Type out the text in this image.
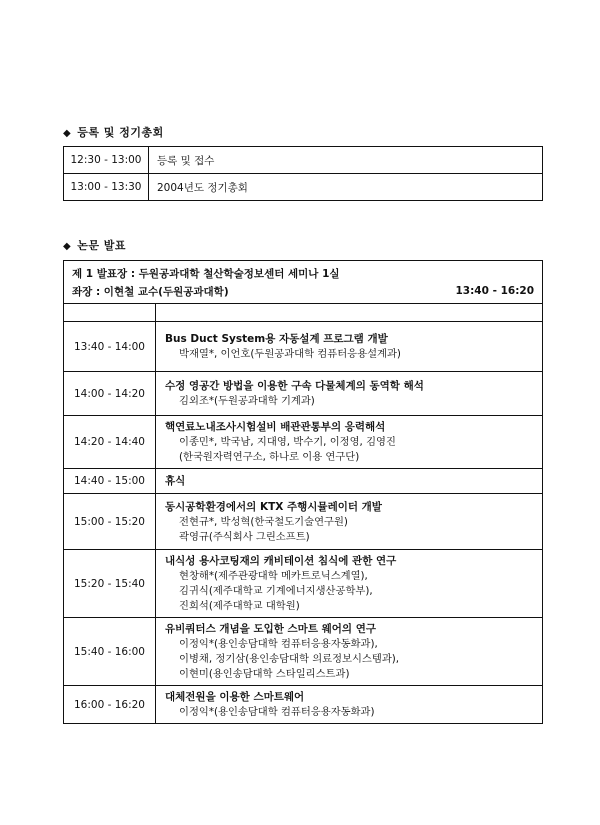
◆ 등록 및 정기총회
12:30 - 13:00	등록 및 접수
13:00 - 13:30	2004년도 정기총회
◆ 논문 발표
제 1 발표장 : 두원공과대학 철산학술정보센터 세미나 1실
좌장 : 이현철 교수(두원공과대학) 13:40 - 16:20	

13:40 - 14:00	Bus Duct System용 자동설계 프로그램 개발
박재열*, 이언호(두원공과대학 컴퓨터응용설계과)

14:00 - 14:20	수정 영공간 방법을 이용한 구속 다물체계의 동역학 해석
김외조*(두원공과대학 기계과)

14:20 - 14:40	핵연료노내조사시험설비 배관관통부의 응력해석
이종민*, 박국남, 지대영, 박수기, 이정영, 김영진
(한국원자력연구소, 하나로 이용 연구단)

14:40 - 15:00	휴식

15:00 - 15:20	동시공학환경에서의 KTX 주행시뮬레이터 개발
전현규*, 박성혁(한국철도기술연구원)
곽영규(주식회사 그린소프트)

15:20 - 15:40	내식성 용사코팅재의 캐비테이션 침식에 관한 연구
현창해*(제주관광대학 메카트로닉스계열),
김귀식(제주대학교 기계에너지생산공학부),
진희석(제주대학교 대학원)

15:40 - 16:00	유비쿼터스 개념을 도입한 스마트 웨어의 연구
이정익*(용인송담대학 컴퓨터응용자동화과),
이병채, 정기삼(용인송담대학 의료정보시스템과),
이현미(용인송담대학 스타일리스트과)

16:00 - 16:20	대체전원을 이용한 스마트웨어
이정익*(용인송담대학 컴퓨터응용자동화과)
